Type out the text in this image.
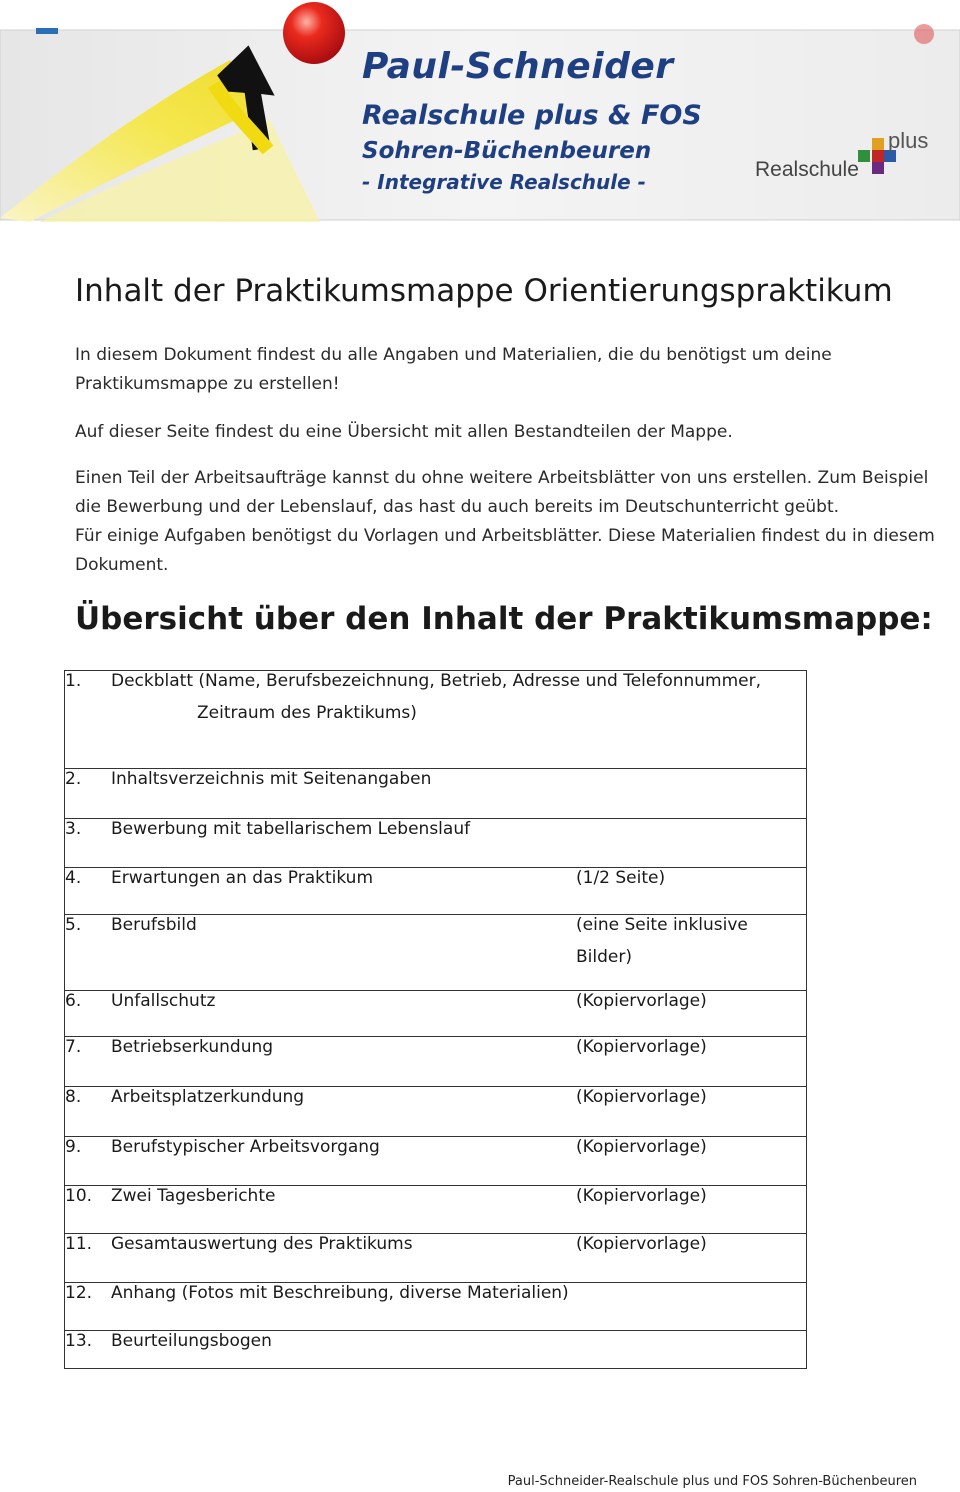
Paul-Schneider
Realschule plus & FOS
Sohren-Büchenbeuren
- Integrative Realschule -
Realschule
plus
Inhalt der Praktikumsmappe Orientierungspraktikum
In diesem Dokument findest du alle Angaben und Materialien, die du benötigst um deine Praktikumsmappe zu erstellen!
Auf dieser Seite findest du eine Übersicht mit allen Bestandteilen der Mappe.
Einen Teil der Arbeitsaufträge kannst du ohne weitere Arbeitsblätter von uns erstellen. Zum Beispiel die Bewerbung und der Lebenslauf, das hast du auch bereits im Deutschunterricht geübt.
Für einige Aufgaben benötigst du Vorlagen und Arbeitsblätter. Diese Materialien findest du in diesem Dokument.
Übersicht über den Inhalt der Praktikumsmappe:
1.	Deckblatt (Name, Berufsbezeichnung, Betrieb, Adresse und Telefonnummer,
Zeitraum des Praktikums)	

2.	Inhaltsverzeichnis mit Seitenangaben	
3.	Bewerbung mit tabellarischem Lebenslauf	
4.	Erwartungen an das Praktikum	(1/2 Seite)
5.	Berufsbild	(eine Seite inklusive
Bilder)

6.	Unfallschutz	(Kopiervorlage)
7.	Betriebserkundung	(Kopiervorlage)
8.	Arbeitsplatzerkundung	(Kopiervorlage)
9.	Berufstypischer Arbeitsvorgang	(Kopiervorlage)
10.	Zwei Tagesberichte	(Kopiervorlage)
11.	Gesamtauswertung des Praktikums	(Kopiervorlage)
12.	Anhang (Fotos mit Beschreibung, diverse Materialien)	
13.	Beurteilungsbogen	
Paul-Schneider-Realschule plus und FOS Sohren-Büchenbeuren
